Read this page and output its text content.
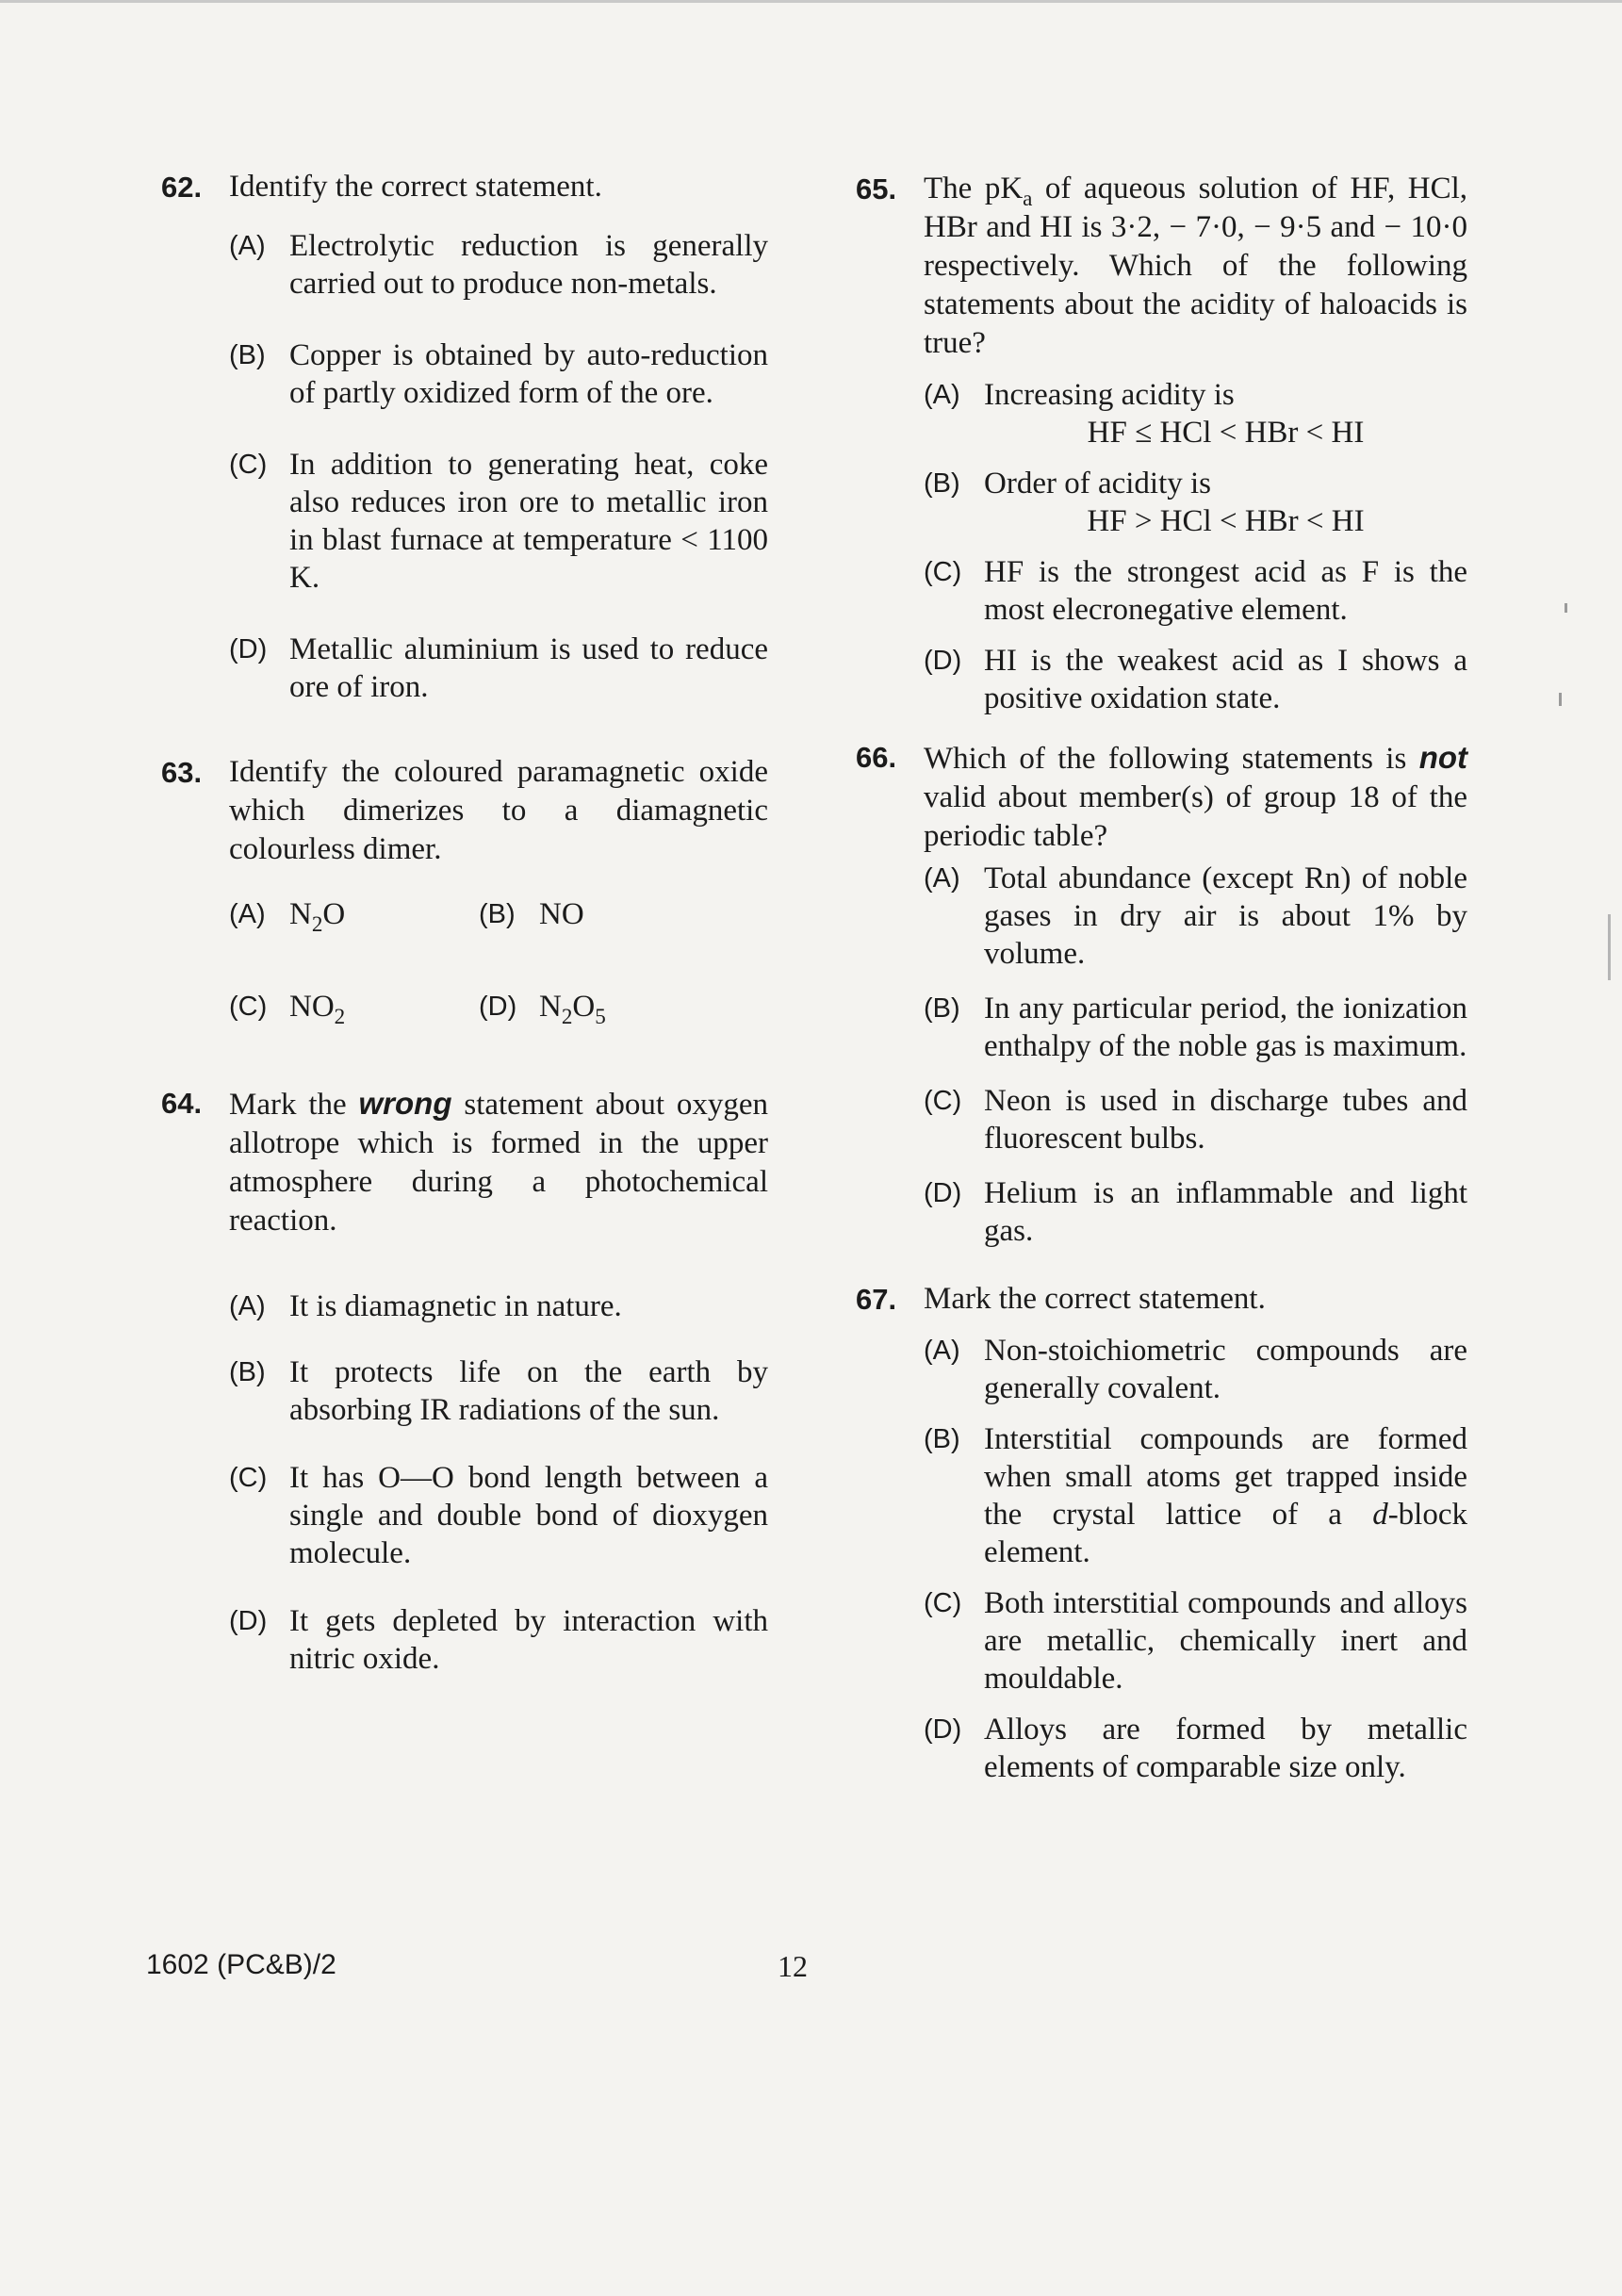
62. Identify the correct statement.
(A) Electrolytic reduction is generally carried out to produce non-metals.
(B) Copper is obtained by auto-reduction of partly oxidized form of the ore.
(C) In addition to generating heat, coke also reduces iron ore to metallic iron in blast furnace at temperature < 1100 K.
(D) Metallic aluminium is used to reduce ore of iron.
63. Identify the coloured paramagnetic oxide which dimerizes to a diamagnetic colourless dimer.
(A) $N_2O$	(B) NO
(C) $NO_2$	(D) $N_2O_5$
64. Mark the wrong statement about oxygen allotrope which is formed in the upper atmosphere during a photochemical reaction.
(A) It is diamagnetic in nature.
(B) It protects life on the earth by absorbing IR radiations of the sun.
(C) It has O—O bond length between a single and double bond of dioxygen molecule.
(D) It gets depleted by interaction with nitric oxide.
65. The $pK_a$ of aqueous solution of HF, HCl, HBr and HI is 3·2, − 7·0, − 9·5 and − 10·0 respectively. Which of the following statements about the acidity of haloacids is true?
(A) Increasing acidity is
HF ≤ HCl < HBr < HI
(B) Order of acidity is
HF > HCl < HBr < HI
(C) HF is the strongest acid as F is the most elecronegative element.
(D) HI is the weakest acid as I shows a positive oxidation state.
66. Which of the following statements is not valid about member(s) of group 18 of the periodic table?
(A) Total abundance (except Rn) of noble gases in dry air is about 1% by volume.
(B) In any particular period, the ionization enthalpy of the noble gas is maximum.
(C) Neon is used in discharge tubes and fluorescent bulbs.
(D) Helium is an inflammable and light gas.
67. Mark the correct statement.
(A) Non-stoichiometric compounds are generally covalent.
(B) Interstitial compounds are formed when small atoms get trapped inside the crystal lattice of a d-block element.
(C) Both interstitial compounds and alloys are metallic, chemically inert and mouldable.
(D) Alloys are formed by metallic elements of comparable size only.
1602 (PC&B)/2	12
